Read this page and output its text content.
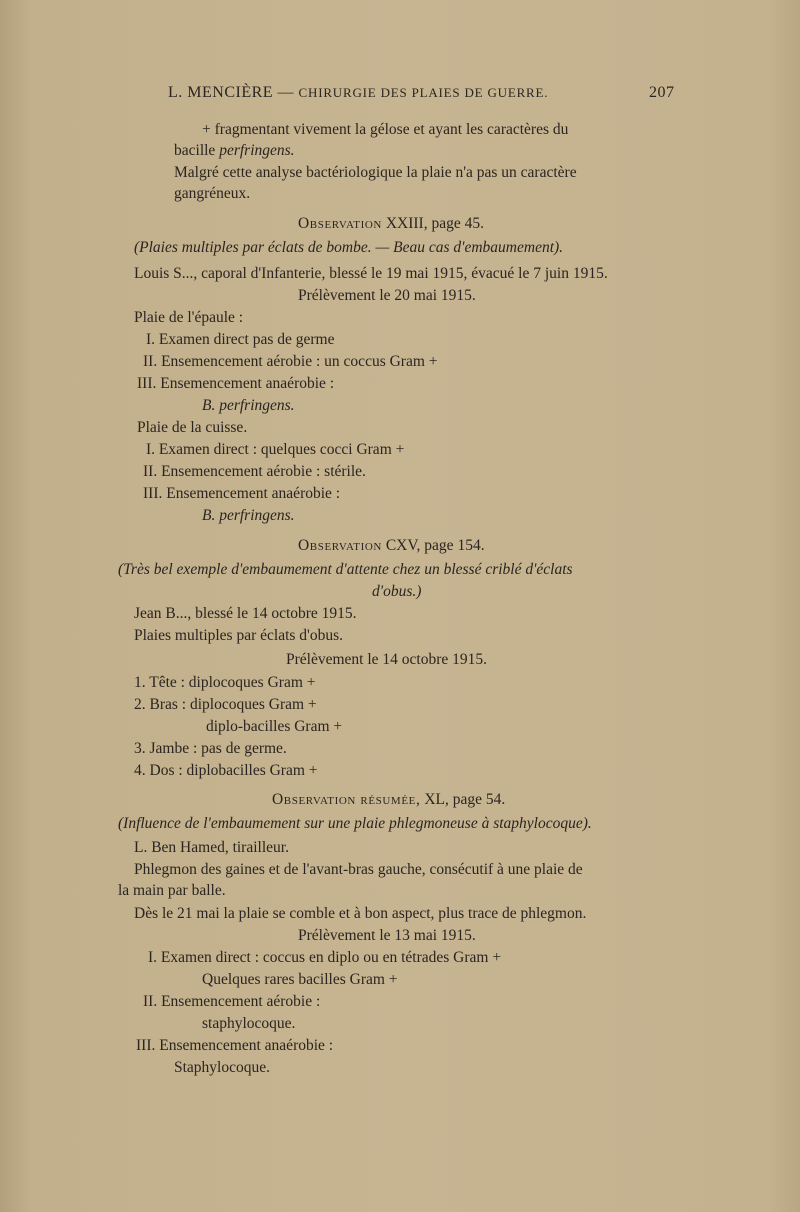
L. MENCIÈRE — CHIRURGIE DES PLAIES DE GUERRE.	207
+ fragmentant vivement la gélose et ayant les caractères du
bacille perfringens.
Malgré cette analyse bactériologique la plaie n'a pas un caractère
gangréneux.
Observation XXIII, page 45.
(Plaies multiples par éclats de bombe. — Beau cas d'embaumement).
Louis S..., caporal d'Infanterie, blessé le 19 mai 1915, évacué le 7 juin 1915.
Prélèvement le 20 mai 1915.
Plaie de l'épaule :
I. Examen direct pas de germe
II. Ensemencement aérobie : un coccus Gram +
III. Ensemencement anaérobie :
B. perfringens.
Plaie de la cuisse.
I. Examen direct : quelques cocci Gram +
II. Ensemencement aérobie : stérile.
III. Ensemencement anaérobie :
B. perfringens.
Observation CXV, page 154.
(Très bel exemple d'embaumement d'attente chez un blessé criblé d'éclats
d'obus.)
Jean B..., blessé le 14 octobre 1915.
Plaies multiples par éclats d'obus.
Prélèvement le 14 octobre 1915.
1. Tête : diplocoques Gram +
2. Bras : diplocoques Gram +
diplo-bacilles Gram +
3. Jambe : pas de germe.
4. Dos : diplobacilles Gram +
Observation résumée, XL, page 54.
(Influence de l'embaumement sur une plaie phlegmoneuse à staphylocoque).
L. Ben Hamed, tirailleur.
Phlegmon des gaines et de l'avant-bras gauche, consécutif à une plaie de
la main par balle.
Dès le 21 mai la plaie se comble et à bon aspect, plus trace de phlegmon.
Prélèvement le 13 mai 1915.
I. Examen direct : coccus en diplo ou en tétrades Gram +
Quelques rares bacilles Gram +
II. Ensemencement aérobie :
staphylocoque.
III. Ensemencement anaérobie :
Staphylocoque.
